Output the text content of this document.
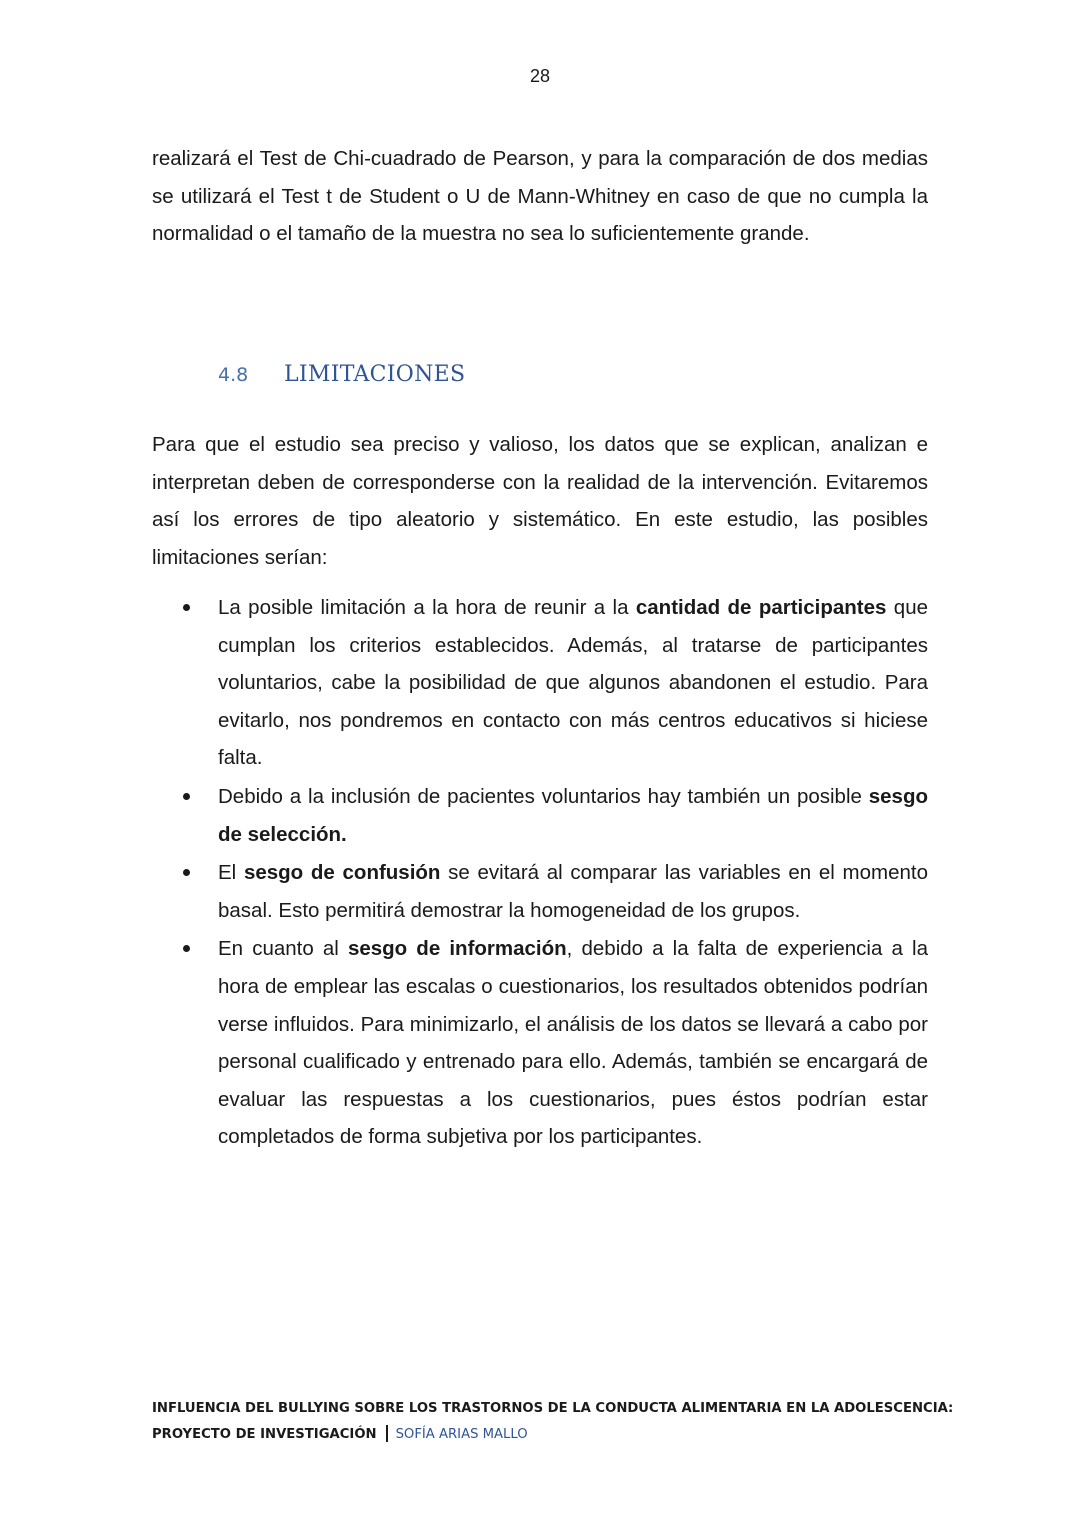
28

realizará el Test de Chi-cuadrado de Pearson, y para la comparación de dos medias se utilizará el Test t de Student o U de Mann-Whitney en caso de que no cumpla la normalidad o el tamaño de la muestra no sea lo suficientemente grande.

4.8 LIMITACIONES

Para que el estudio sea preciso y valioso, los datos que se explican, analizan e interpretan deben de corresponderse con la realidad de la intervención. Evitaremos así los errores de tipo aleatorio y sistemático. En este estudio, las posibles limitaciones serían:

La posible limitación a la hora de reunir a la cantidad de participantes que cumplan los criterios establecidos. Además, al tratarse de participantes voluntarios, cabe la posibilidad de que algunos abandonen el estudio. Para evitarlo, nos pondremos en contacto con más centros educativos si hiciese falta.
Debido a la inclusión de pacientes voluntarios hay también un posible sesgo de selección.
El sesgo de confusión se evitará al comparar las variables en el momento basal. Esto permitirá demostrar la homogeneidad de los grupos.
En cuanto al sesgo de información, debido a la falta de experiencia a la hora de emplear las escalas o cuestionarios, los resultados obtenidos podrían verse influidos. Para minimizarlo, el análisis de los datos se llevará a cabo por personal cualificado y entrenado para ello. Además, también se encargará de evaluar las respuestas a los cuestionarios, pues éstos podrían estar completados de forma subjetiva por los participantes.
INFLUENCIA DEL BULLYING SOBRE LOS TRASTORNOS DE LA CONDUCTA ALIMENTARIA EN LA ADOLESCENCIA:
PROYECTO DE INVESTIGACIÓN SOFÍA ARIAS MALLO
